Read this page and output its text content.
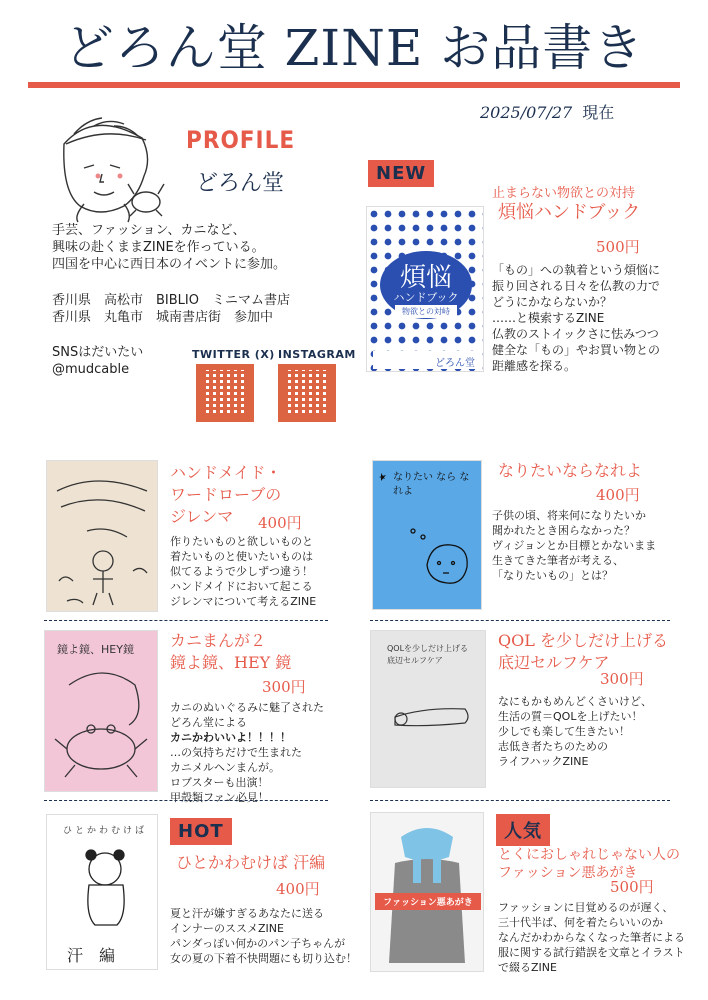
どろん堂 ZINE お品書き
2025/07/27 現在
PROFILE
どろん堂
手芸、ファッション、カニなど、
興味の赴くままZINEを作っている。
四国を中心に西日本のイベントに参加。
香川県　高松市　BIBLIO　ミニマム書店
香川県　丸亀市　城南書店街　参加中
SNSはだいたい
@mudcable
TWITTER (X) INSTAGRAM
NEW
止まらない物欲との対持
煩悩ハンドブック
500円
煩悩
ハンドブック
物欲との対峙
どろん堂
「もの」への執着という煩悩に
振り回される日々を仏教の力で
どうにかならないか？
……と模索するZINE
仏教のストイックさに怯みつつ
健全な「もの」やお買い物との
距離感を探る。
ハンドメイド・
ワードローブの
ジレンマ	400円
作りたいものと欲しいものと
着たいものと使いたいものは
似てるようで少しずつ違う！
ハンドメイドにおいて起こる
ジレンマについて考えるZINE
なりたい なら なれよ
なりたいならなれよ
400円
子供の頃、将来何になりたいか
聞かれたとき困らなかった？
ヴィジョンとか目標とかないまま
生きてきた筆者が考える、
「なりたいもの」とは？
鏡よ鏡、HEY鏡 カニまんが２
鏡よ鏡、HEY 鏡
300円
カニのぬいぐるみに魅了された
どろん堂による
カニかわいいよ！！！！
…の気持ちだけで生まれた
カニメルヘンまんが。
ロブスターも出演！
甲殻類ファン必見！
QOLを少しだけ上げる 底辺セルフケア
QOL を少しだけ上げる
底辺セルフケア
300円
なにもかもめんどくさいけど、
生活の質＝QOLを上げたい！
少しでも楽して生きたい！
志低き者たちのための
ライフハックZINE
ひとかわむけば
汗　編
HOT
ひとかわむけば 汗編
400円
夏と汗が嫌すぎるあなたに送る
インナーのススメZINE
パンダっぽい何かのパン子ちゃんが
女の夏の下着不快問題にも切り込む！
ファッション悪あがき
人気
とくにおしゃれじゃない人の
ファッション悪あがき
500円
ファッションに目覚めるのが遅く、
三十代半ば、何を着たらいいのか
なんだかわからなくなった筆者による
服に関する試行錯誤を文章とイラスト
で綴るZINE
